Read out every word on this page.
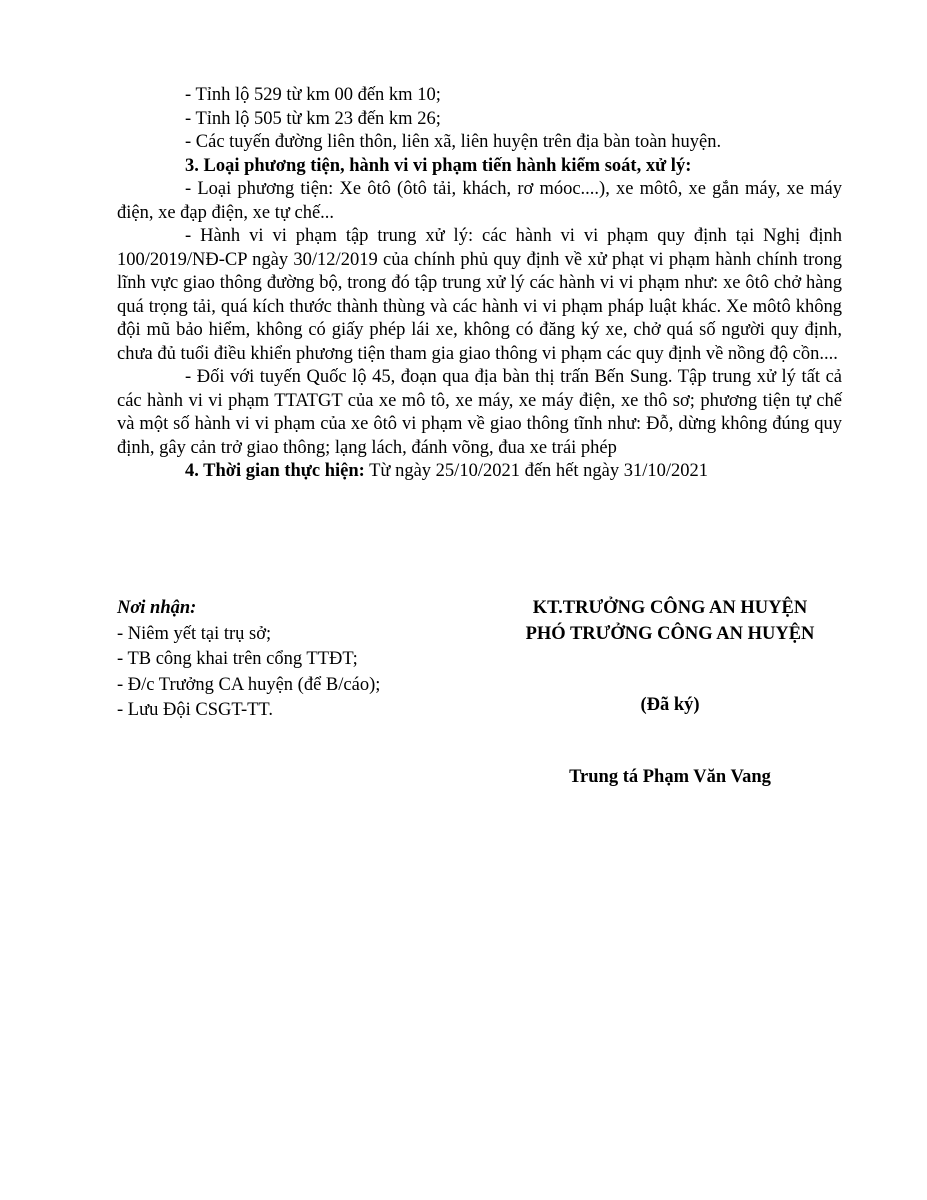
- Tỉnh lộ 529 từ km 00 đến km 10;

- Tỉnh lộ 505 từ km 23 đến km 26;

- Các tuyến đường liên thôn, liên xã, liên huyện trên địa bàn toàn huyện.

3. Loại phương tiện, hành vi vi phạm tiến hành kiểm soát, xử lý:

- Loại phương tiện: Xe ôtô (ôtô tải, khách, rơ móoc....), xe môtô, xe gắn máy, xe máy điện, xe đạp điện, xe tự chế...

- Hành vi vi phạm tập trung xử lý: các hành vi vi phạm quy định tại Nghị định 100/2019/NĐ-CP ngày 30/12/2019 của chính phủ quy định về xử phạt vi phạm hành chính trong lĩnh vực giao thông đường bộ, trong đó tập trung xử lý các hành vi vi phạm như: xe ôtô chở hàng quá trọng tải, quá kích thước thành thùng và các hành vi vi phạm pháp luật khác. Xe môtô không đội mũ bảo hiểm, không có giấy phép lái xe, không có đăng ký xe, chở quá số người quy định, chưa đủ tuổi điều khiển phương tiện tham gia giao thông vi phạm các quy định về nồng độ cồn....

- Đối với tuyến Quốc lộ 45, đoạn qua địa bàn thị trấn Bến Sung. Tập trung xử lý tất cả các hành vi vi phạm TTATGT của xe mô tô, xe máy, xe máy điện, xe thô sơ; phương tiện tự chế và một số hành vi vi phạm của xe ôtô vi phạm về giao thông tĩnh như: Đỗ, dừng không đúng quy định, gây cản trở giao thông; lạng lách, đánh võng, đua xe trái phép

4. Thời gian thực hiện: Từ ngày 25/10/2021 đến hết ngày 31/10/2021

Nơi nhận:

- Niêm yết tại trụ sở;

- TB công khai trên cổng TTĐT;

- Đ/c Trưởng CA huyện (để B/cáo);

- Lưu Đội CSGT-TT.

KT.TRƯỞNG CÔNG AN HUYỆN
PHÓ TRƯỞNG CÔNG AN HUYỆN
(Đã ký)
Trung tá Phạm Văn Vang
